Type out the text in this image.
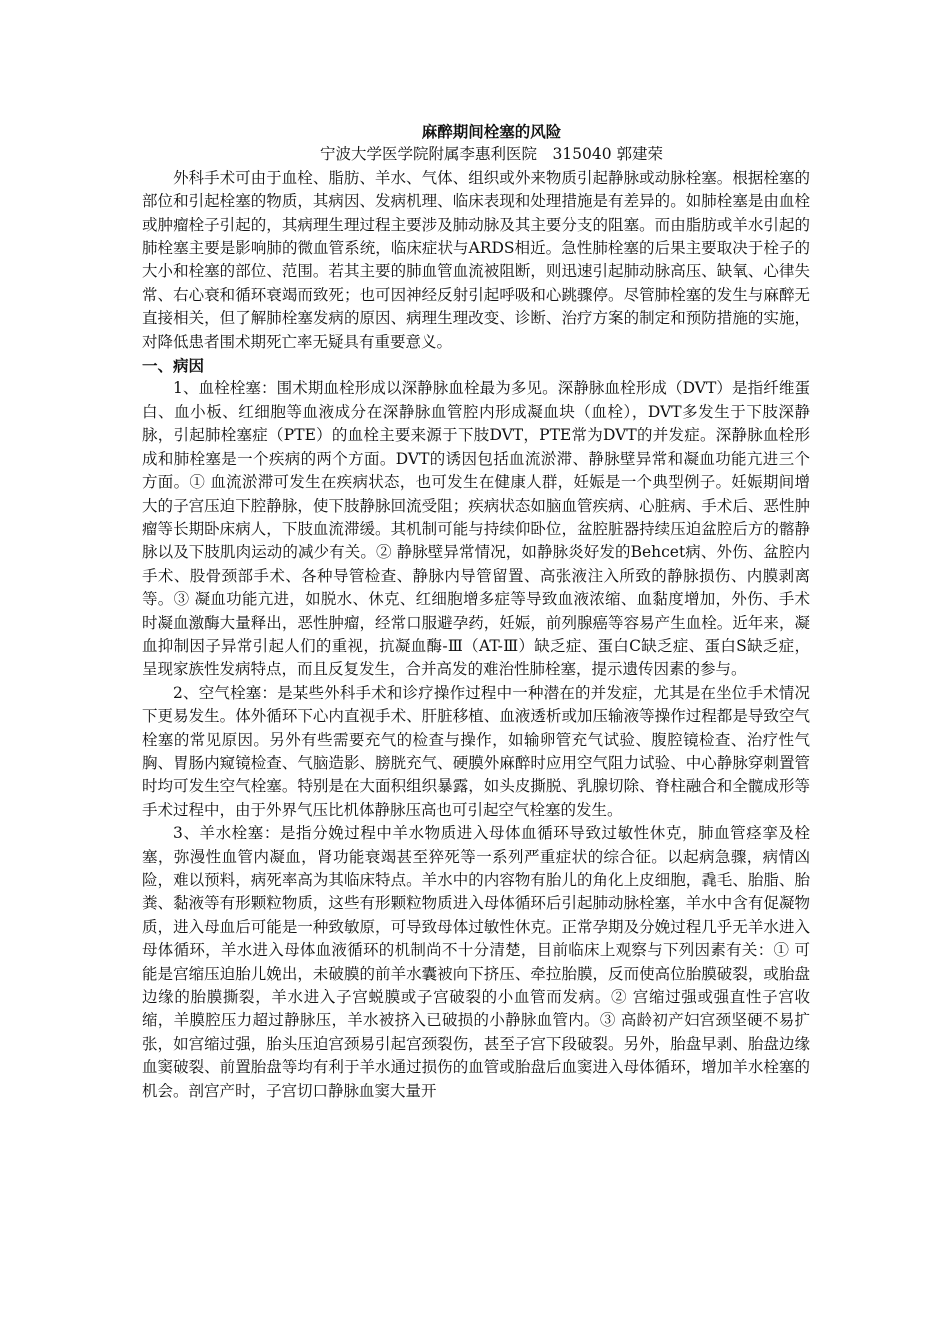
麻醉期间栓塞的风险

宁波大学医学院附属李惠利医院　315040 郭建荣

外科手术可由于血栓、脂肪、羊水、气体、组织或外来物质引起静脉或动脉栓塞。根据栓塞的部位和引起栓塞的物质，其病因、发病机理、临床表现和处理措施是有差异的。如肺栓塞是由血栓或肿瘤栓子引起的，其病理生理过程主要涉及肺动脉及其主要分支的阻塞。而由脂肪或羊水引起的肺栓塞主要是影响肺的微血管系统，临床症状与ARDS相近。急性肺栓塞的后果主要取决于栓子的大小和栓塞的部位、范围。若其主要的肺血管血流被阻断，则迅速引起肺动脉高压、缺氧、心律失常、右心衰和循环衰竭而致死；也可因神经反射引起呼吸和心跳骤停。尽管肺栓塞的发生与麻醉无直接相关，但了解肺栓塞发病的原因、病理生理改变、诊断、治疗方案的制定和预防措施的实施，对降低患者围术期死亡率无疑具有重要意义。

一、病因

1、血栓栓塞：围术期血栓形成以深静脉血栓最为多见。深静脉血栓形成（DVT）是指纤维蛋白、血小板、红细胞等血液成分在深静脉血管腔内形成凝血块（血栓），DVT多发生于下肢深静脉，引起肺栓塞症（PTE）的血栓主要来源于下肢DVT，PTE常为DVT的并发症。深静脉血栓形成和肺栓塞是一个疾病的两个方面。DVT的诱因包括血流淤滞、静脉壁异常和凝血功能亢进三个方面。① 血流淤滞可发生在疾病状态，也可发生在健康人群，妊娠是一个典型例子。妊娠期间增大的子宫压迫下腔静脉，使下肢静脉回流受阻；疾病状态如脑血管疾病、心脏病、手术后、恶性肿瘤等长期卧床病人，下肢血流滞缓。其机制可能与持续仰卧位，盆腔脏器持续压迫盆腔后方的髂静脉以及下肢肌肉运动的减少有关。② 静脉壁异常情况，如静脉炎好发的Behcet病、外伤、盆腔内手术、股骨颈部手术、各种导管检查、静脉内导管留置、高张液注入所致的静脉损伤、内膜剥离等。③ 凝血功能亢进，如脱水、休克、红细胞增多症等导致血液浓缩、血黏度增加，外伤、手术时凝血激酶大量释出，恶性肿瘤，经常口服避孕药，妊娠，前列腺癌等容易产生血栓。近年来，凝血抑制因子异常引起人们的重视，抗凝血酶-Ⅲ（AT-Ⅲ）缺乏症、蛋白C缺乏症、蛋白S缺乏症，呈现家族性发病特点，而且反复发生，合并高发的难治性肺栓塞，提示遗传因素的参与。

2、空气栓塞：是某些外科手术和诊疗操作过程中一种潜在的并发症，尤其是在坐位手术情况下更易发生。体外循环下心内直视手术、肝脏移植、血液透析或加压输液等操作过程都是导致空气栓塞的常见原因。另外有些需要充气的检查与操作，如输卵管充气试验、腹腔镜检查、治疗性气胸、胃肠内窥镜检查、气脑造影、膀胱充气、硬膜外麻醉时应用空气阻力试验、中心静脉穿刺置管时均可发生空气栓塞。特别是在大面积组织暴露，如头皮撕脱、乳腺切除、脊柱融合和全髋成形等手术过程中，由于外界气压比机体静脉压高也可引起空气栓塞的发生。

3、羊水栓塞：是指分娩过程中羊水物质进入母体血循环导致过敏性休克，肺血管痉挛及栓塞，弥漫性血管内凝血，肾功能衰竭甚至猝死等一系列严重症状的综合征。以起病急骤，病情凶险，难以预料，病死率高为其临床特点。羊水中的内容物有胎儿的角化上皮细胞，毳毛、胎脂、胎粪、黏液等有形颗粒物质，这些有形颗粒物质进入母体循环后引起肺动脉栓塞，羊水中含有促凝物质，进入母血后可能是一种致敏原，可导致母体过敏性休克。正常孕期及分娩过程几乎无羊水进入母体循环，羊水进入母体血液循环的机制尚不十分清楚，目前临床上观察与下列因素有关：① 可能是宫缩压迫胎儿娩出，未破膜的前羊水囊被向下挤压、牵拉胎膜，反而使高位胎膜破裂，或胎盘边缘的胎膜撕裂，羊水进入子宫蜕膜或子宫破裂的小血管而发病。② 宫缩过强或强直性子宫收缩，羊膜腔压力超过静脉压，羊水被挤入已破损的小静脉血管内。③ 高龄初产妇宫颈坚硬不易扩张，如宫缩过强，胎头压迫宫颈易引起宫颈裂伤，甚至子宫下段破裂。另外，胎盘早剥、胎盘边缘血窦破裂、前置胎盘等均有利于羊水通过损伤的血管或胎盘后血窦进入母体循环，增加羊水栓塞的机会。剖宫产时，子宫切口静脉血窦大量开
